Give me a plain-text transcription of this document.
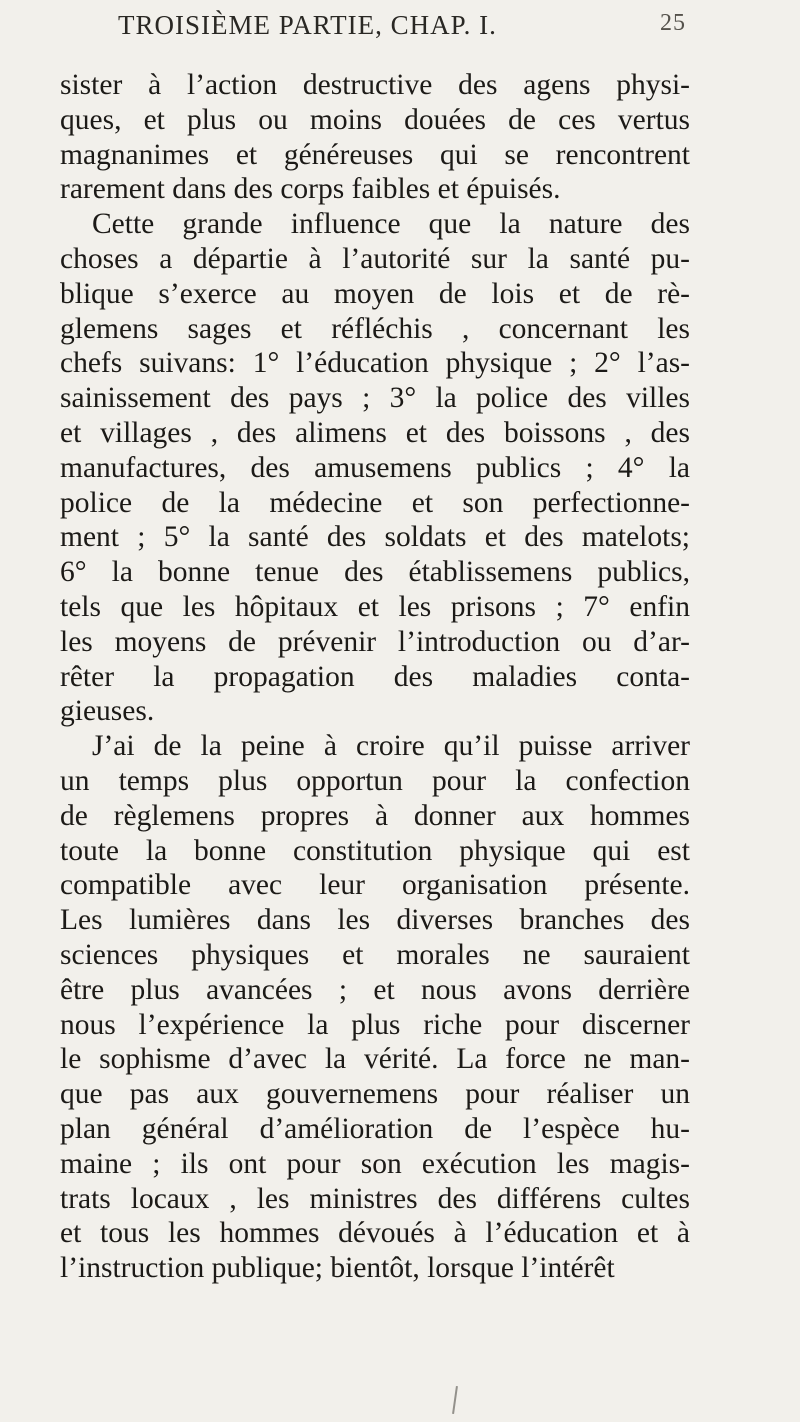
TROISIÈME PARTIE, CHAP. I.	25
sister à l’action destructive des agens physi-
ques, et plus ou moins douées de ces vertus
magnanimes et généreuses qui se rencontrent
rarement dans des corps faibles et épuisés.
Cette grande influence que la nature des
choses a départie à l’autorité sur la santé pu-
blique s’exerce au moyen de lois et de rè-
glemens sages et réfléchis , concernant les
chefs suivans: 1° l’éducation physique ; 2° l’as-
sainissement des pays ; 3° la police des villes
et villages , des alimens et des boissons , des
manufactures, des amusemens publics ; 4° la
police de la médecine et son perfectionne-
ment ; 5° la santé des soldats et des matelots;
6° la bonne tenue des établissemens publics,
tels que les hôpitaux et les prisons ; 7° enfin
les moyens de prévenir l’introduction ou d’ar-
rêter la propagation des maladies conta-
gieuses.
J’ai de la peine à croire qu’il puisse arriver
un temps plus opportun pour la confection
de règlemens propres à donner aux hommes
toute la bonne constitution physique qui est
compatible avec leur organisation présente.
Les lumières dans les diverses branches des
sciences physiques et morales ne sauraient
être plus avancées ; et nous avons derrière
nous l’expérience la plus riche pour discerner
le sophisme d’avec la vérité. La force ne man-
que pas aux gouvernemens pour réaliser un
plan général d’amélioration de l’espèce hu-
maine ; ils ont pour son exécution les magis-
trats locaux , les ministres des différens cultes
et tous les hommes dévoués à l’éducation et à
l’instruction publique; bientôt, lorsque l’intérêt
